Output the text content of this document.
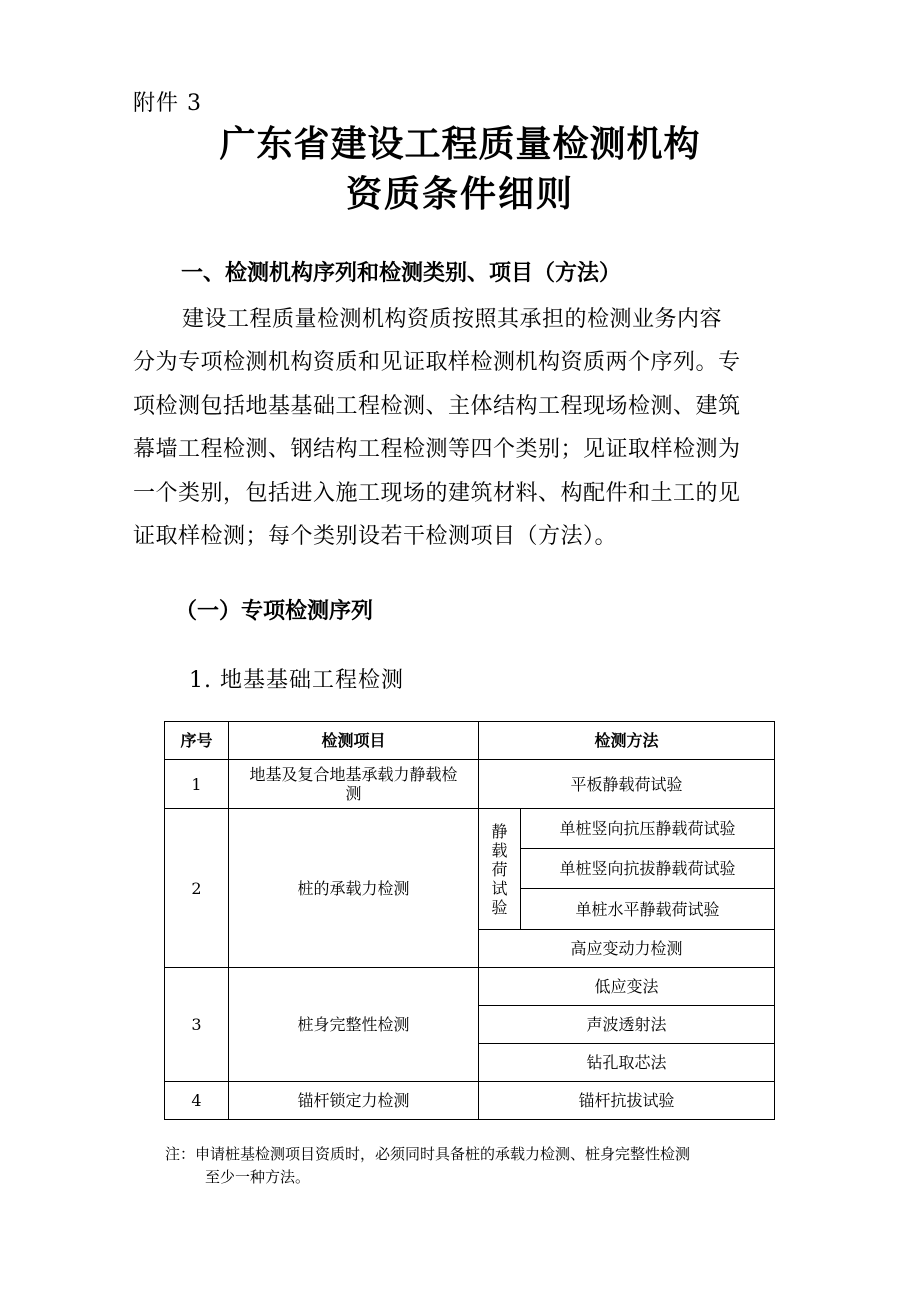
附件 3
广东省建设工程质量检测机构
资质条件细则
一、检测机构序列和检测类别、项目（方法）
建设工程质量检测机构资质按照其承担的检测业务内容
分为专项检测机构资质和见证取样检测机构资质两个序列。专
项检测包括地基基础工程检测、主体结构工程现场检测、建筑
幕墙工程检测、钢结构工程检测等四个类别；见证取样检测为
一个类别，包括进入施工现场的建筑材料、构配件和土工的见
证取样检测；每个类别设若干检测项目（方法）。
（一）专项检测序列
1. 地基基础工程检测
序号	检测项目	检测方法	
1	地基及复合地基承载力静载检测	平板静载荷试验	
2	桩的承载力检测	静载荷试验	单桩竖向抗压静载荷试验
			单桩竖向抗拔静载荷试验
			单桩水平静载荷试验
		高应变动力检测	
3	桩身完整性检测	低应变法	
		声波透射法	
		钻孔取芯法	
4	锚杆锁定力检测	锚杆抗拔试验	
注：申请桩基检测项目资质时，必须同时具备桩的承载力检测、桩身完整性检测
至少一种方法。
